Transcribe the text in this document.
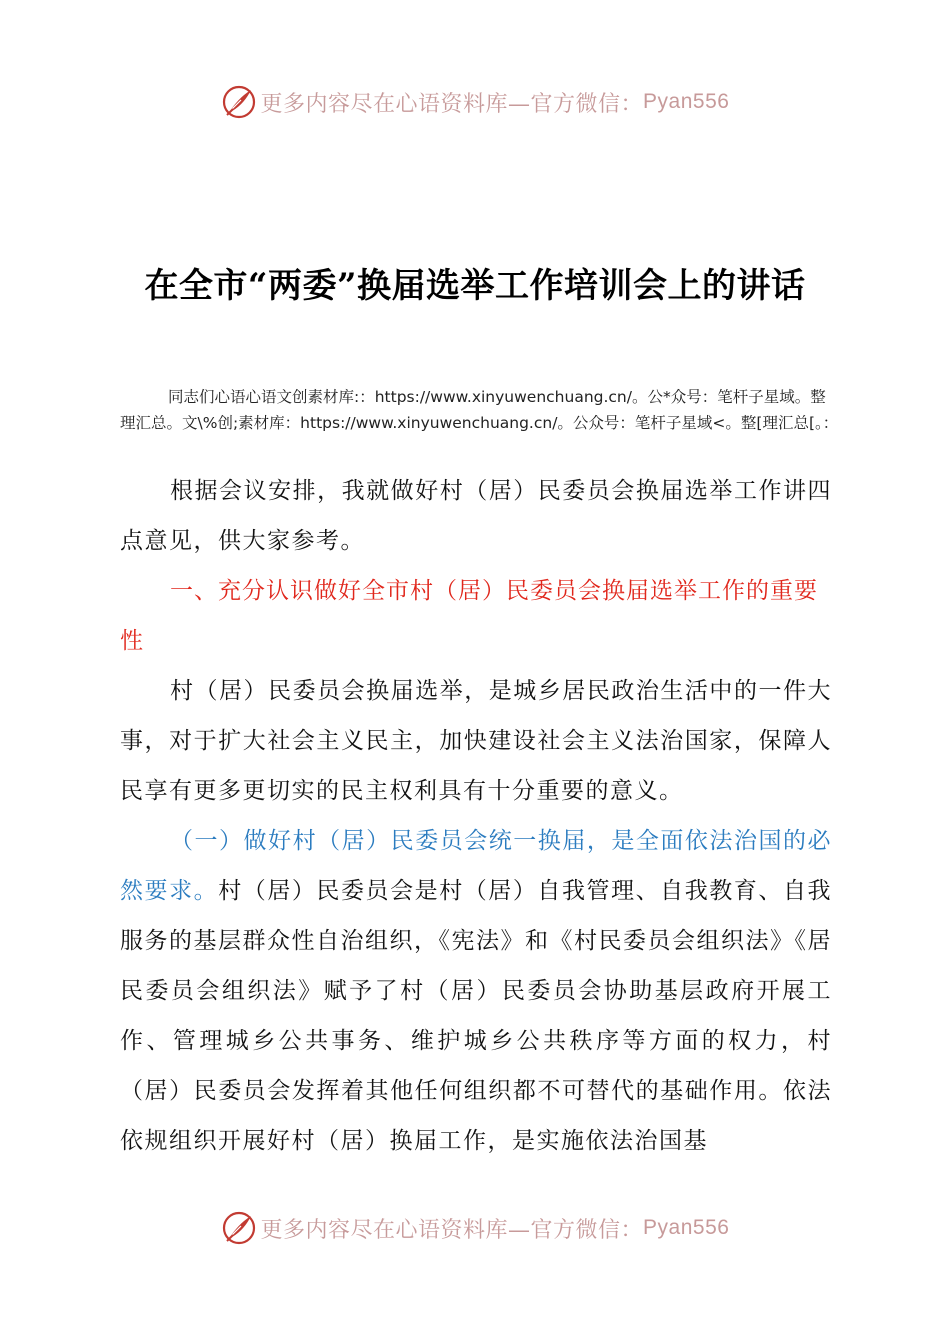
更多内容尽在心语资料库—官方微信： Pyan556
在全市“两委”换届选举工作培训会上的讲话
同志们心语心语文创素材库:：https://www.xinyuwenchuang.cn/。公*众号：笔杆子星域。整理汇总。文\%创;素材库：https://www.xinyuwenchuang.cn/。公众号：笔杆子星域<。整[理汇总[。：

根据会议安排，我就做好村（居）民委员会换届选举工作讲四点意见，供大家参考。

一、充分认识做好全市村（居）民委员会换届选举工作的重要性

村（居）民委员会换届选举，是城乡居民政治生活中的一件大事，对于扩大社会主义民主，加快建设社会主义法治国家，保障人民享有更多更切实的民主权利具有十分重要的意义。

（一）做好村（居）民委员会统一换届，是全面依法治国的必然要求。村（居）民委员会是村（居）自我管理、自我教育、自我服务的基层群众性自治组织，《宪法》和《村民委员会组织法》《居民委员会组织法》赋予了村（居）民委员会协助基层政府开展工作、管理城乡公共事务、维护城乡公共秩序等方面的权力，村（居）民委员会发挥着其他任何组织都不可替代的基础作用。依法依规组织开展好村（居）换届工作，是实施依法治国基

更多内容尽在心语资料库—官方微信： Pyan556
